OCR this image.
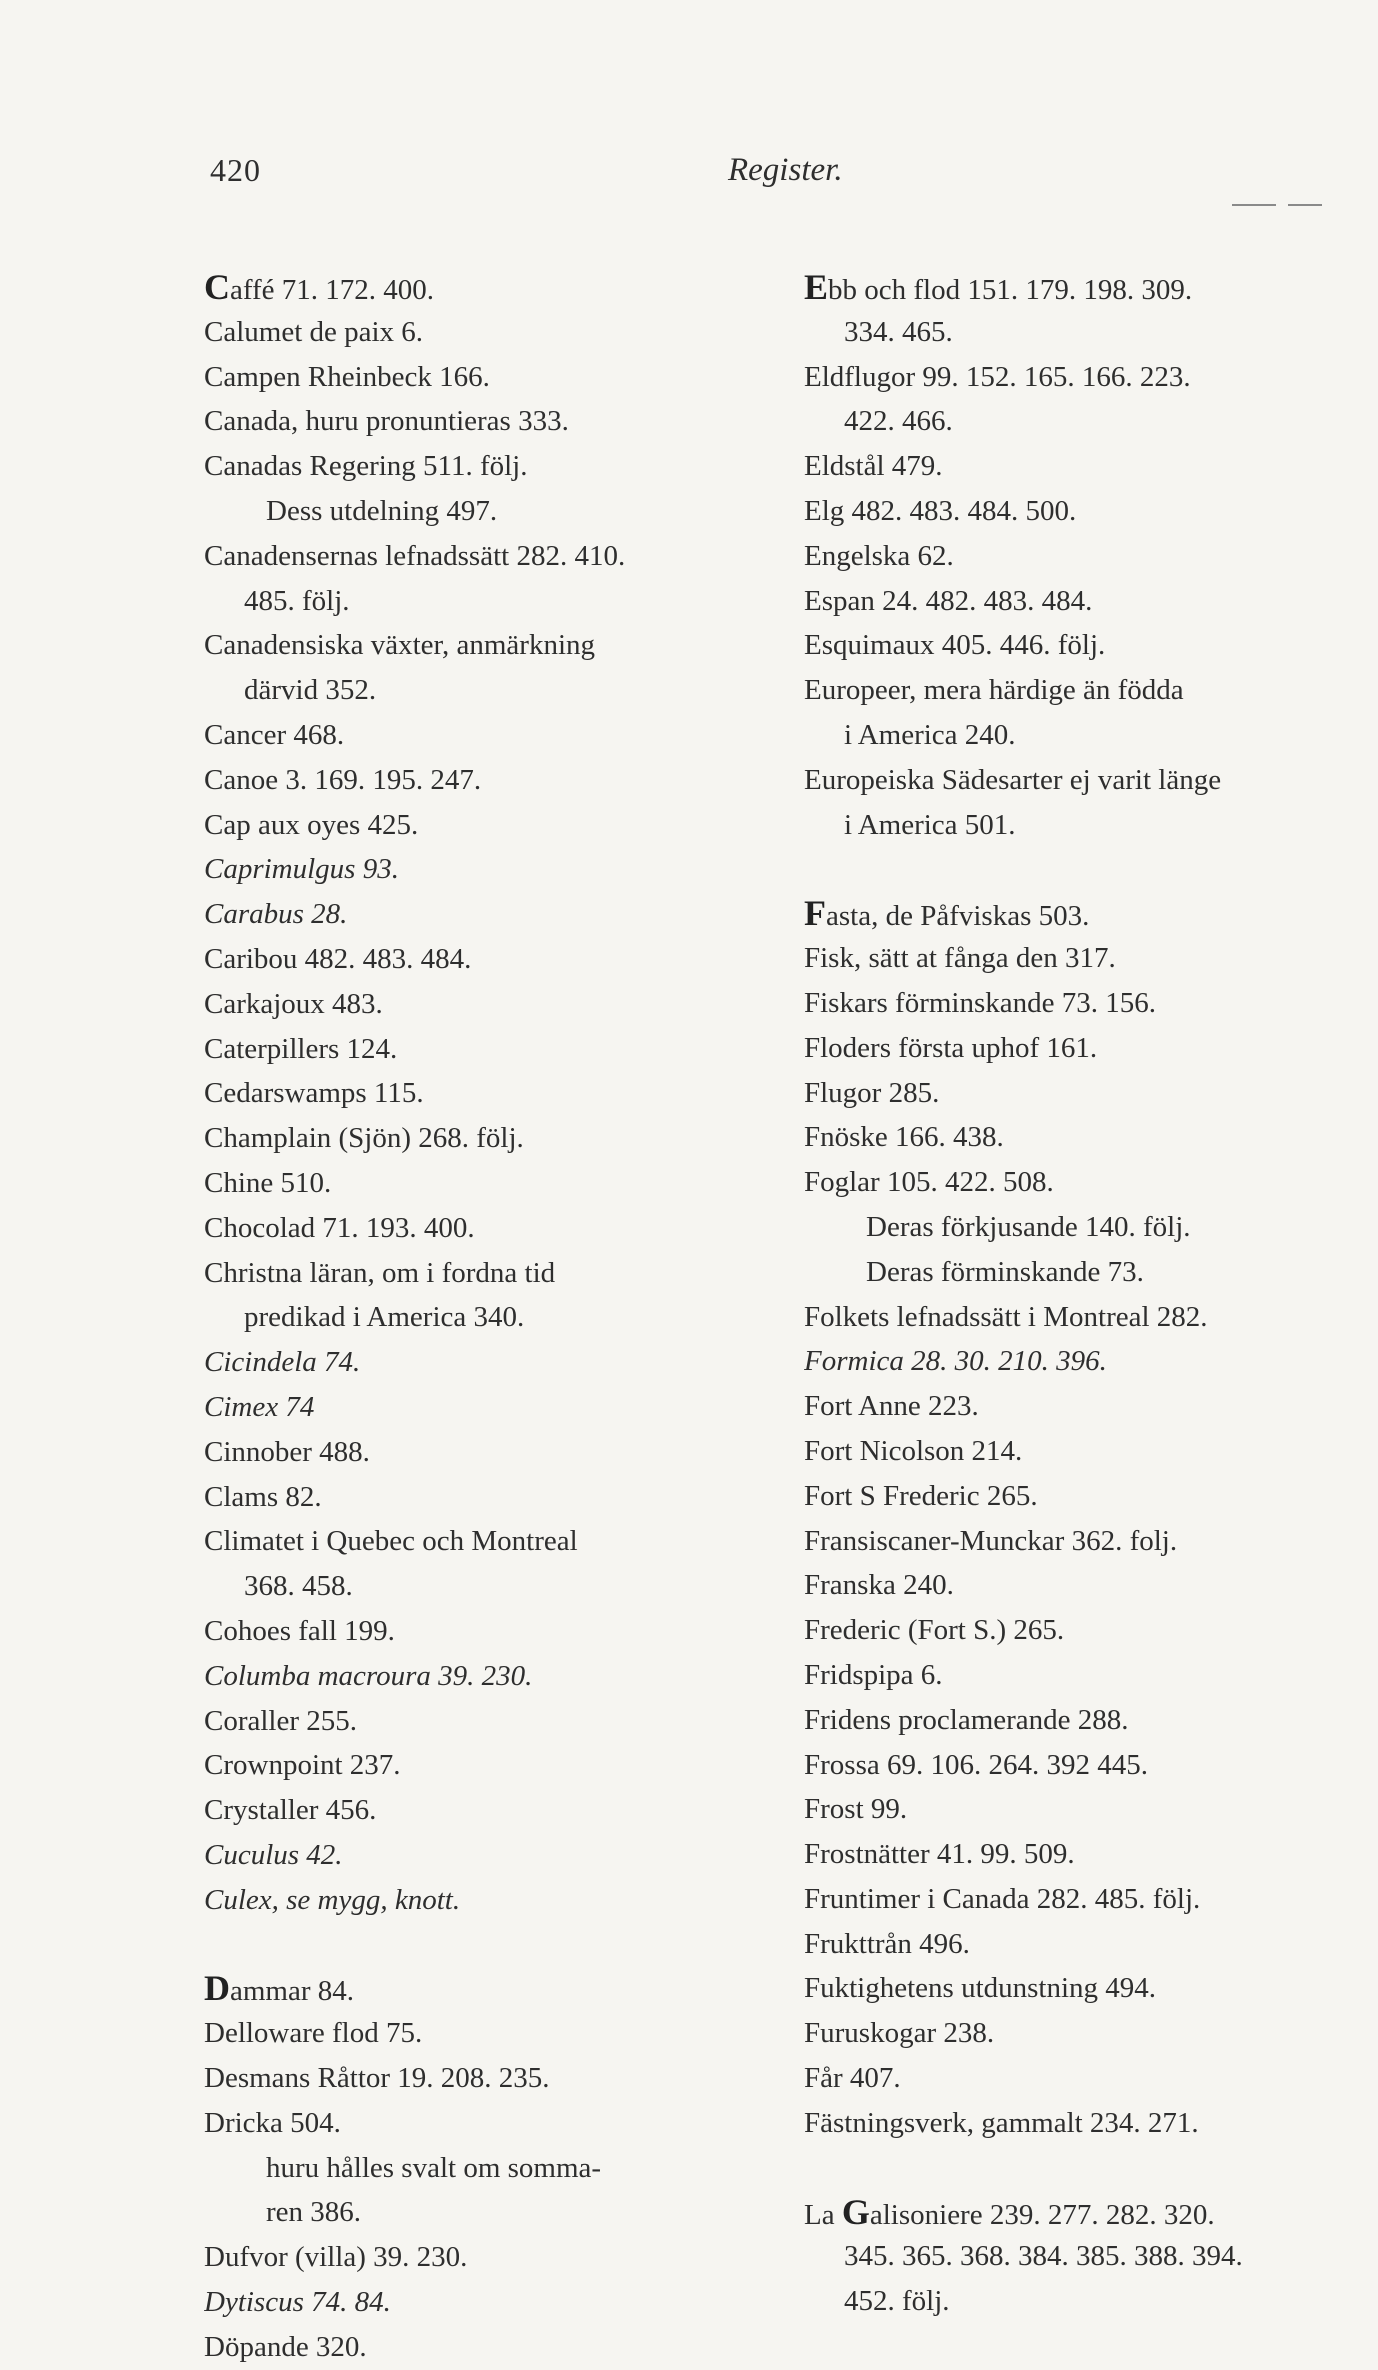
420	Register.
Caffé 71. 172. 400.
Calumet de paix 6.
Campen Rheinbeck 166.
Canada, huru pronuntieras 333.
Canadas Regering 511. följ.
Dess utdelning 497.
Canadensernas lefnadssätt 282. 410.
485. följ.
Canadensiska växter, anmärkning
därvid 352.
Cancer 468.
Canoe 3. 169. 195. 247.
Cap aux oyes 425.
Caprimulgus 93.
Carabus 28.
Caribou 482. 483. 484.
Carkajoux 483.
Caterpillers 124.
Cedarswamps 115.
Champlain (Sjön) 268. följ.
Chine 510.
Chocolad 71. 193. 400.
Christna läran, om i fordna tid
predikad i America 340.
Cicindela 74.
Cimex 74
Cinnober 488.
Clams 82.
Climatet i Quebec och Montreal
368. 458.
Cohoes fall 199.
Columba macroura 39. 230.
Coraller 255.
Crownpoint 237.
Crystaller 456.
Cuculus 42.
Culex, se mygg, knott.
Dammar 84.
Delloware flod 75.
Desmans Råttor 19. 208. 235.
Dricka 504.
huru hålles svalt om somma-
ren 386.
Dufvor (villa) 39. 230.
Dytiscus 74. 84.
Döpande 320.
Ebb och flod 151. 179. 198. 309.
334. 465.
Eldflugor 99. 152. 165. 166. 223.
422. 466.
Eldstål 479.
Elg 482. 483. 484. 500.
Engelska 62.
Espan 24. 482. 483. 484.
Esquimaux 405. 446. följ.
Europeer, mera härdige än födda
i America 240.
Europeiska Sädesarter ej varit länge
i America 501.
Fasta, de Påfviskas 503.
Fisk, sätt at fånga den 317.
Fiskars förminskande 73. 156.
Floders första uphof 161.
Flugor 285.
Fnöske 166. 438.
Foglar 105. 422. 508.
Deras förkjusande 140. följ.
Deras förminskande 73.
Folkets lefnadssätt i Montreal 282.
Formica 28. 30. 210. 396.
Fort Anne 223.
Fort Nicolson 214.
Fort S Frederic 265.
Fransiscaner-Munckar 362. folj.
Franska 240.
Frederic (Fort S.) 265.
Fridspipa 6.
Fridens proclamerande 288.
Frossa 69. 106. 264. 392 445.
Frost 99.
Frostnätter 41. 99. 509.
Fruntimer i Canada 282. 485. följ.
Frukttrån 496.
Fuktighetens utdunstning 494.
Furuskogar 238.
Får 407.
Fästningsverk, gammalt 234. 271.
La Galisoniere 239. 277. 282. 320.
345. 365. 368. 384. 385. 388. 394.
452. följ.
